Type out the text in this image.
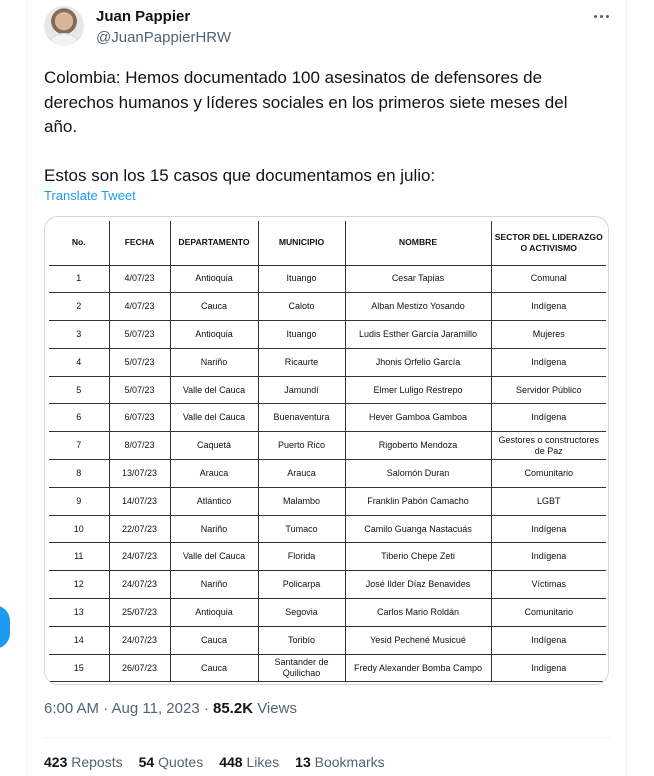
Juan Pappier
@JuanPappierHRW
Colombia: Hemos documentado 100 asesinatos de defensores de
derechos humanos y líderes sociales en los primeros siete meses del
año.

Estos son los 15 casos que documentamos en julio:
Translate Tweet
No.	FECHA	DEPARTAMENTO	MUNICIPIO	NOMBRE	SECTOR DEL LIDERAZGO O ACTIVISMO
1	4/07/23	Antioquia	Ituango	Cesar Tapias	Comunal
2	4/07/23	Cauca	Caloto	Alban Mestizo Yosando	Indígena
3	5/07/23	Antioquia	Ituango	Ludis Esther García Jaramillo	Mujeres
4	5/07/23	Nariño	Ricaurte	Jhonis Orfelio García	Indígena
5	5/07/23	Valle del Cauca	Jamundí	Elmer Luligo Restrepo	Servidor Público
6	6/07/23	Valle del Cauca	Buenaventura	Hever Gamboa Gamboa	Indígena
7	8/07/23	Caquetá	Puerto Rico	Rigoberto Mendoza	Gestores o constructores de Paz
8	13/07/23	Arauca	Arauca	Salomón Duran	Comunitario
9	14/07/23	Atlántico	Malambo	Franklin Pabón Camacho	LGBT
10	22/07/23	Nariño	Tumaco	Camilo Guanga Nastacuás	Indígena
11	24/07/23	Valle del Cauca	Florida	Tiberio Chepe Zeti	Indígena
12	24/07/23	Nariño	Policarpa	José Ilder Díaz Benavides	Víctimas
13	25/07/23	Antioquia	Segovia	Carlos Mario Roldán	Comunitario
14	24/07/23	Cauca	Toribío	Yesid Pechené Musicué	Indígena
15	26/07/23	Cauca	Santander de Quilichao	Fredy Alexander Bomba Campo	Indígena
6:00 AM · Aug 11, 2023 · 85.2K Views
423 Reposts 54 Quotes 448 Likes 13 Bookmarks
